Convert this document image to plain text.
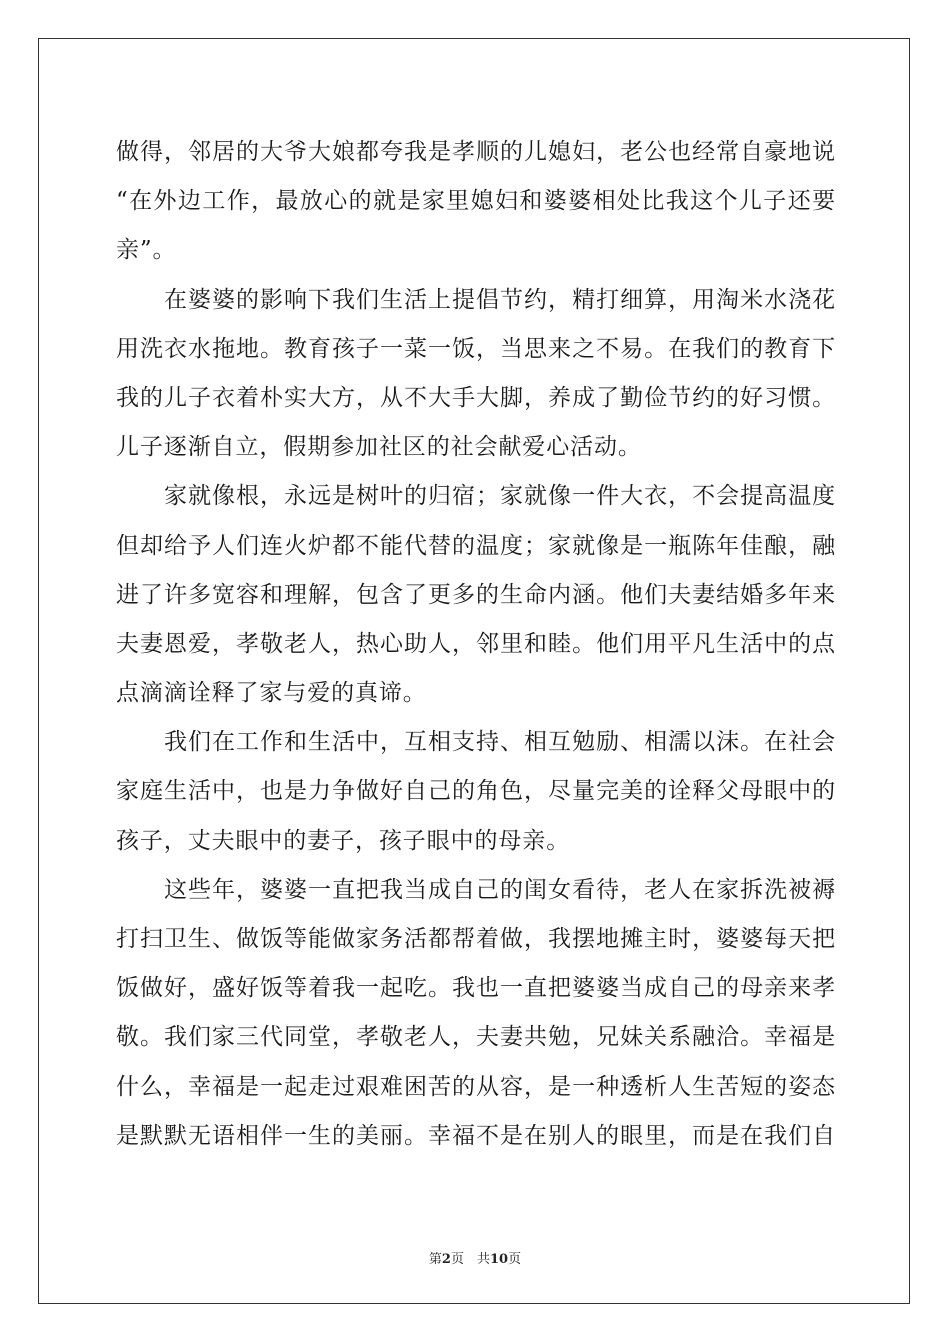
做得，邻居的大爷大娘都夸我是孝顺的儿媳妇，老公也经常自豪地说
“在外边工作，最放心的就是家里媳妇和婆婆相处比我这个儿子还要
亲”。
　　在婆婆的影响下我们生活上提倡节约，精打细算，用淘米水浇花
用洗衣水拖地。教育孩子一菜一饭，当思来之不易。在我们的教育下
我的儿子衣着朴实大方，从不大手大脚，养成了勤俭节约的好习惯。
儿子逐渐自立，假期参加社区的社会献爱心活动。
　　家就像根，永远是树叶的归宿；家就像一件大衣，不会提高温度
但却给予人们连火炉都不能代替的温度；家就像是一瓶陈年佳酿，融
进了许多宽容和理解，包含了更多的生命内涵。他们夫妻结婚多年来
夫妻恩爱，孝敬老人，热心助人，邻里和睦。他们用平凡生活中的点
点滴滴诠释了家与爱的真谛。
　　我们在工作和生活中，互相支持、相互勉励、相濡以沫。在社会
家庭生活中，也是力争做好自己的角色，尽量完美的诠释父母眼中的
孩子，丈夫眼中的妻子，孩子眼中的母亲。
　　这些年，婆婆一直把我当成自己的闺女看待，老人在家拆洗被褥
打扫卫生、做饭等能做家务活都帮着做，我摆地摊主时，婆婆每天把
饭做好，盛好饭等着我一起吃。我也一直把婆婆当成自己的母亲来孝
敬。我们家三代同堂，孝敬老人，夫妻共勉，兄妹关系融洽。幸福是
什么，幸福是一起走过艰难困苦的从容，是一种透析人生苦短的姿态
是默默无语相伴一生的美丽。幸福不是在别人的眼里，而是在我们自
第2页　共10页
